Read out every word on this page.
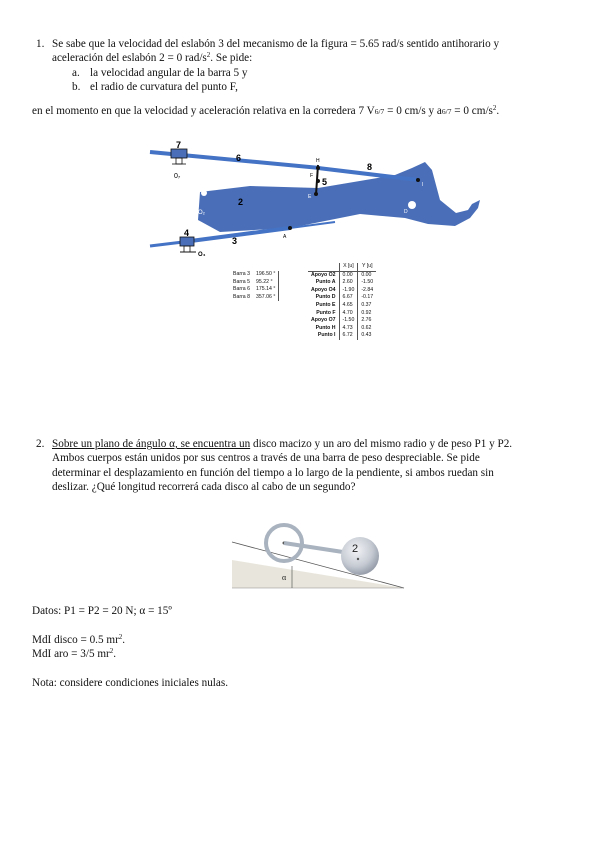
1. Se sabe que la velocidad del eslabón 3 del mecanismo de la figura = 5.65 rad/s sentido antihorario y
aceleración del eslabón 2 = 0 rad/$s^2$. Se pide:
a. la velocidad angular de la barra 5 y
b. el radio de curvatura del punto F,
en el momento en que la velocidad y aceleración relativa en la corredera 7 V6/7 = 0 cm/s y a6/7 = 0 $cm/s^2$.
7
6
0₇
H
8
F
5
E
2
O₂
I
D
4
3	A
O₄
Barra 3	196.50 °
Barra 5	95.22 °
Barra 6	175.14 °
Barra 8	357.06 °
	X [u]	Y [u]
Apoyo O2	0.00	0.00
Punto A	2.60	-1.50
Apoyo O4	-1.90	-2.84
Punto D	6.67	-0.17
Punto E	4.65	0.37
Punto F	4.70	0.92
Apoyo O7	-1.50	2.76
Punto H	4.73	0.62
Punto I	6.72	0.43
2. Sobre un plano de ángulo α, se encuentra un disco macizo y un aro del mismo radio y de peso P1 y P2.
Ambos cuerpos están unidos por sus centros a través de una barra de peso despreciable. Se pide
determinar el desplazamiento en función del tiempo a lo largo de la pendiente, si ambos ruedan sin
deslizar. ¿Qué longitud recorrerá cada disco al cabo de un segundo?
2
α
Datos: P1 = P2 = 20 N; α = 15º
MdI disco = 0.5 $mr^2$.
MdI aro = 3/5 $mr^2$.
Nota: considere condiciones iniciales nulas.
